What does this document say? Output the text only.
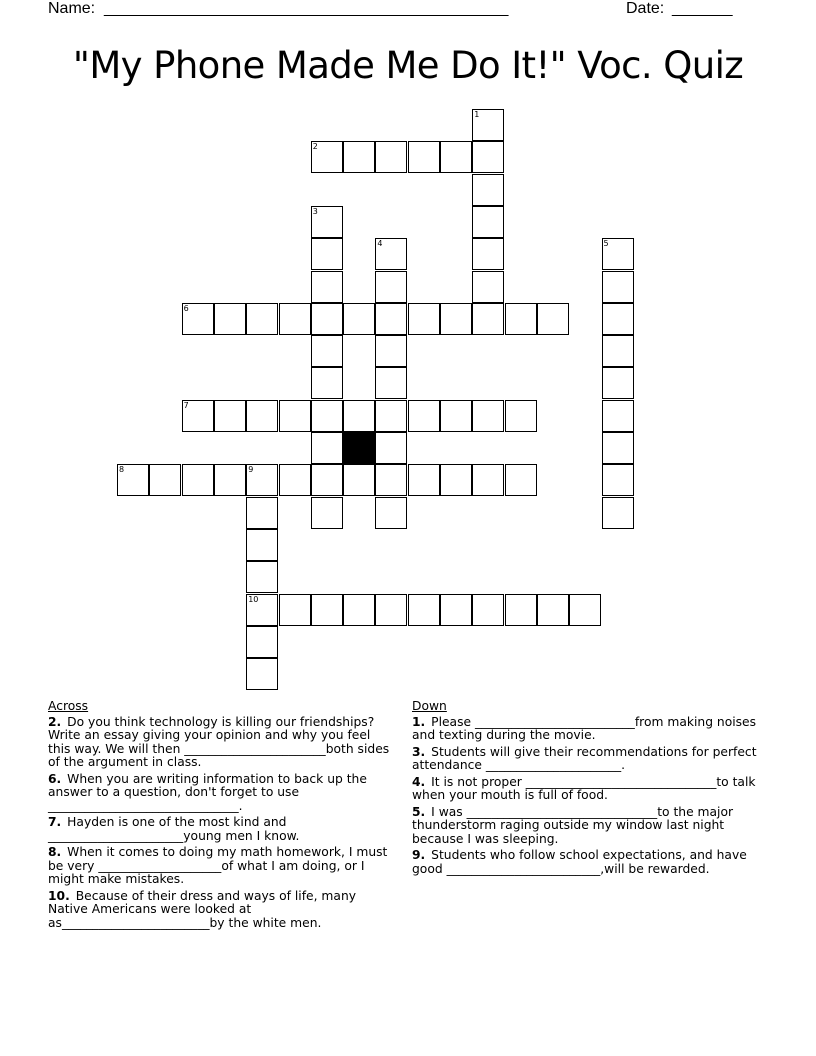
Name: _______________________________________________	Date: _______
"My Phone Made Me Do It!" Voc. Quiz
2
6
7
8	9
10
1
3
4	5
Across
2. Do you think technology is killing our friendships? Write an essay giving your opinion and why you feel this way. We will then _______________________both sides of the argument in class.
6. When you are writing information to back up the answer to a question, don't forget to use _______________________________.
7. Hayden is one of the most kind and ______________________young men I know.
8. When it comes to doing my math homework, I must be very ____________________of what I am doing, or I might make mistakes.
10. Because of their dress and ways of life, many Native Americans were looked at as________________________by the white men.
Down
1. Please __________________________from making noises and texting during the movie.
3. Students will give their recommendations for perfect attendance ______________________.
4. It is not proper _______________________________to talk when your mouth is full of food.
5. I was _______________________________to the major thunderstorm raging outside my window last night because I was sleeping.
9. Students who follow school expectations, and have good _________________________,will be rewarded.
